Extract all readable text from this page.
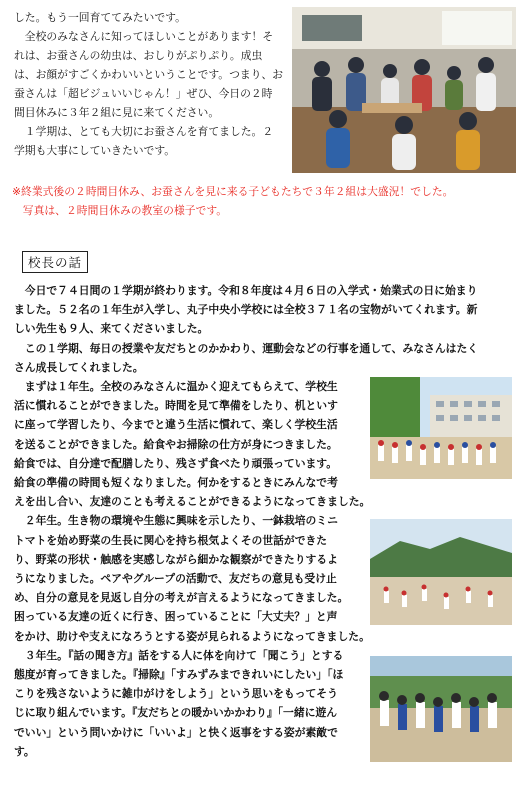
した。もう一回育ててみたいです。

　全校のみなさんに知ってほしいことがあります！そ

れは、お蚕さんの幼虫は、おしりがぷりぷり。成虫

は、お顔がすごくかわいいということです。つまり、お

蚕さんは「超ビジュいいじゃん！」ぜひ、今日の２時

間目休みに３年２組に見に来てください。

　１学期は、とても大切にお蚕さんを育てました。２

学期も大事にしていきたいです。

※終業式後の２時間目休み、お蚕さんを見に来る子どもたちで３年２組は大盛況！でした。

　写真は、２時間目休みの教室の様子です。

校長の話

　今日で７４日間の１学期が終わります。令和８年度は４月６日の入学式・始業式の日に始まり

ました。５２名の１年生が入学し、丸子中央小学校には全校３７１名の宝物がいてくれます。新

しい先生も９人、来てくださいました。

　この１学期、毎日の授業や友だちとのかかわり、運動会などの行事を通して、みなさんはたく

さん成長してくれました。

　まずは１年生。全校のみなさんに温かく迎えてもらえて、学校生

活に慣れることができました。時間を見て準備をしたり、机といす

に座って学習したり、今までと違う生活に慣れて、楽しく学校生活

を送ることができました。給食やお掃除の仕方が身につきました。

給食では、自分達で配膳したり、残さず食べたり頑張っています。

給食の準備の時間も短くなりました。何かをするときにみんなで考

えを出し合い、友達のことも考えることができるようになってきました。

　２年生。生き物の環境や生態に興味を示したり、一鉢栽培のミニ

トマトを始め野菜の生長に関心を持ち根気よくその世話ができた

り、野菜の形状・触感を実感しながら細かな観察ができたりするよ

うになりました。ペアやグループの活動で、友だちの意見も受け止

め、自分の意見を見返し自分の考えが言えるようになってきました。

困っている友達の近くに行き、困っていることに「大丈夫？」と声

をかけ、助けや支えになろうとする姿が見られるようになってきました。

　３年生。『話の聞き方』話をする人に体を向けて「聞こう」とする

態度が育ってきました。『掃除』「すみずみまできれいにしたい」「ほ

こりを残さないように雑巾がけをしよう」という思いをもってそう

じに取り組んでいます。『友だちとの暖かいかかわり』「一緒に遊ん

でいい」という問いかけに「いいよ」と快く返事をする姿が素敵で

す。
